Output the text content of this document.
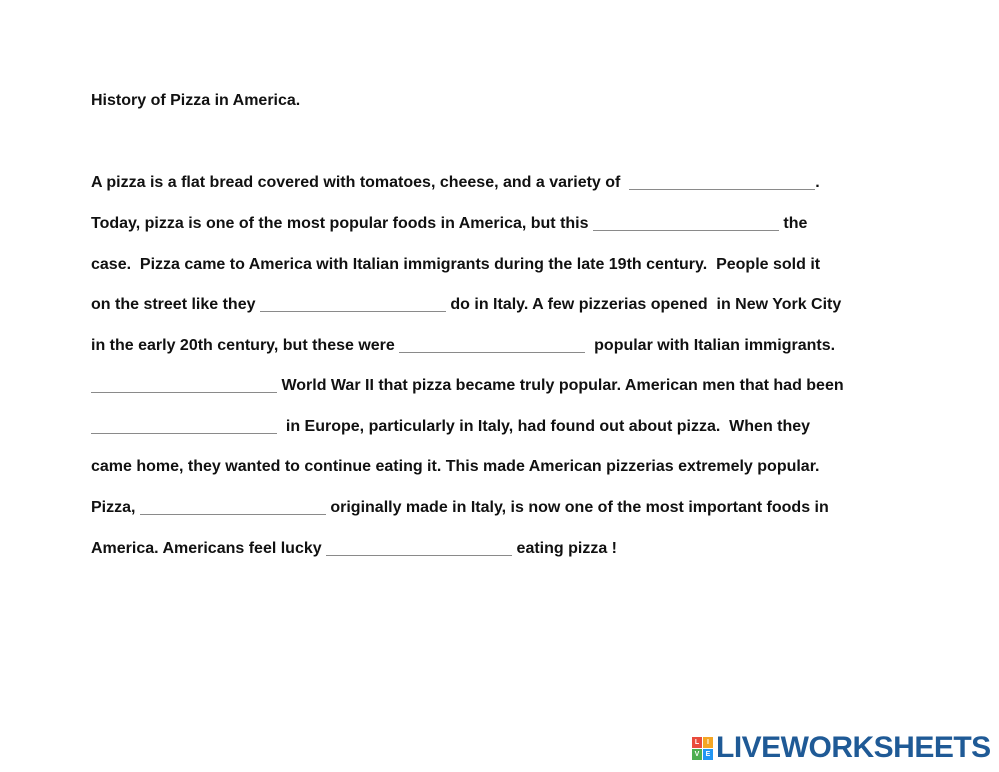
History of Pizza in America.
A pizza is a flat bread covered with tomatoes, cheese, and a variety of	.
Today, pizza is one of the most popular foods in America, but this	the
case.  Pizza came to America with Italian immigrants during the late 19th century.  People sold it
on the street like they	do in Italy. A few pizzerias opened  in New York City
in the early 20th century, but these were	popular with Italian immigrants.
World War II that pizza became truly popular. American men that had been
in Europe, particularly in Italy, had found out about pizza.  When they
came home, they wanted to continue eating it. This made American pizzerias extremely popular.
Pizza,	originally made in Italy, is now one of the most important foods in
America. Americans feel lucky	eating pizza !
L	I
V E LIVEWORKSHEETS
